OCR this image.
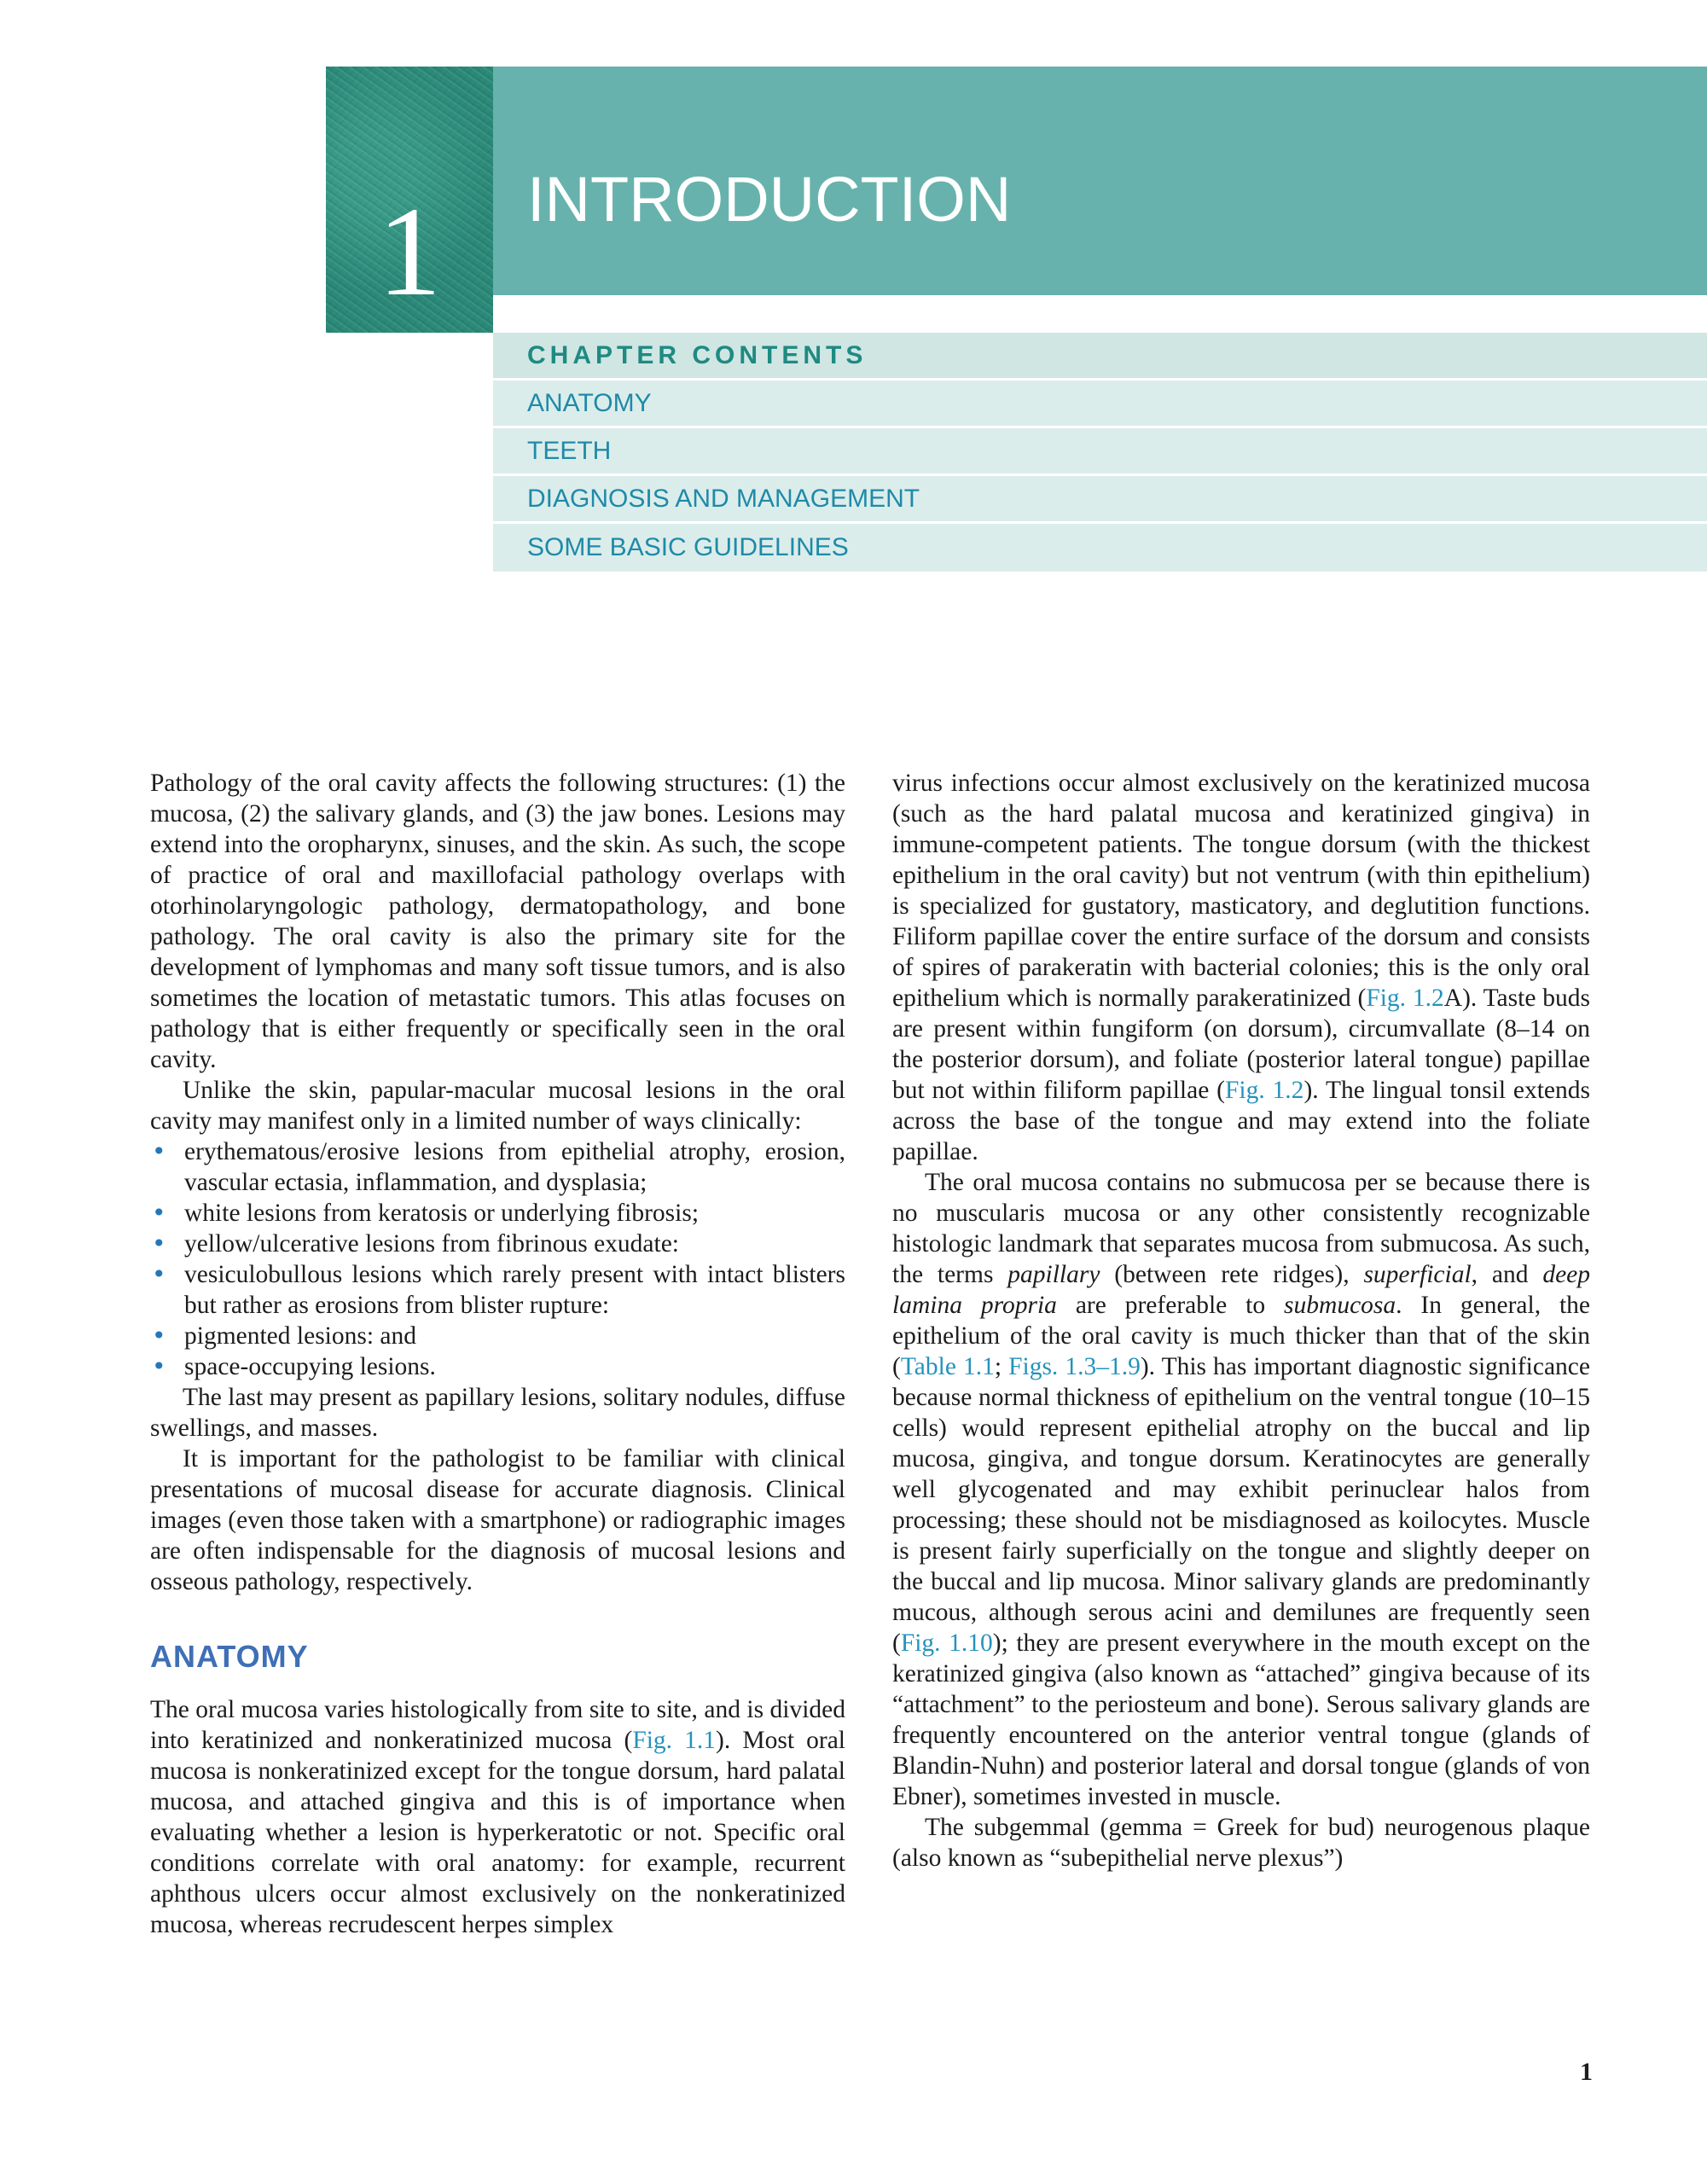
1	INTRODUCTION
CHAPTER CONTENTS
ANATOMY
TEETH
DIAGNOSIS AND MANAGEMENT
SOME BASIC GUIDELINES

Pathology of the oral cavity affects the following structures: (1) the mucosa, (2) the salivary glands, and (3) the jaw bones. Lesions may extend into the oropharynx, sinuses, and the skin. As such, the scope of practice of oral and maxillofacial pathology overlaps with otorhinolaryngologic pathology, dermatopathology, and bone pathology. The oral cavity is also the primary site for the development of lymphomas and many soft tissue tumors, and is also sometimes the location of metastatic tumors. This atlas focuses on pathology that is either frequently or specifically seen in the oral cavity.

Unlike the skin, papular-macular mucosal lesions in the oral cavity may manifest only in a limited number of ways clinically:

• erythematous/erosive lesions from epithelial atrophy, erosion, vascular ectasia, inflammation, and dysplasia;
• white lesions from keratosis or underlying fibrosis;
• yellow/ulcerative lesions from fibrinous exudate:
• vesiculobullous lesions which rarely present with intact blisters but rather as erosions from blister rupture:
• pigmented lesions: and
• space-occupying lesions.

The last may present as papillary lesions, solitary nodules, diffuse swellings, and masses.

It is important for the pathologist to be familiar with clinical presentations of mucosal disease for accurate diagnosis. Clinical images (even those taken with a smartphone) or radiographic images are often indispensable for the diagnosis of mucosal lesions and osseous pathology, respectively.

ANATOMY

The oral mucosa varies histologically from site to site, and is divided into keratinized and nonkeratinized mucosa (Fig. 1.1). Most oral mucosa is nonkeratinized except for the tongue dorsum, hard palatal mucosa, and attached gingiva and this is of importance when evaluating whether a lesion is hyperkeratotic or not. Specific oral conditions correlate with oral anatomy: for example, recurrent aphthous ulcers occur almost exclusively on the nonkeratinized mucosa, whereas recrudescent herpes simplex

virus infections occur almost exclusively on the keratinized mucosa (such as the hard palatal mucosa and keratinized gingiva) in immune-competent patients. The tongue dorsum (with the thickest epithelium in the oral cavity) but not ventrum (with thin epithelium) is specialized for gustatory, masticatory, and deglutition functions. Filiform papillae cover the entire surface of the dorsum and consists of spires of parakeratin with bacterial colonies; this is the only oral epithelium which is normally parakeratinized (Fig. 1.2A). Taste buds are present within fungiform (on dorsum), circumvallate (8–14 on the posterior dorsum), and foliate (posterior lateral tongue) papillae but not within filiform papillae (Fig. 1.2). The lingual tonsil extends across the base of the tongue and may extend into the foliate papillae.

The oral mucosa contains no submucosa per se because there is no muscularis mucosa or any other consistently recognizable histologic landmark that separates mucosa from submucosa. As such, the terms papillary (between rete ridges), superficial, and deep lamina propria are preferable to submucosa. In general, the epithelium of the oral cavity is much thicker than that of the skin (Table 1.1; Figs. 1.3–1.9). This has important diagnostic significance because normal thickness of epithelium on the ventral tongue (10–15 cells) would represent epithelial atrophy on the buccal and lip mucosa, gingiva, and tongue dorsum. Keratinocytes are generally well glycogenated and may exhibit perinuclear halos from processing; these should not be misdiagnosed as koilocytes. Muscle is present fairly superficially on the tongue and slightly deeper on the buccal and lip mucosa. Minor salivary glands are predominantly mucous, although serous acini and demilunes are frequently seen (Fig. 1.10); they are present everywhere in the mouth except on the keratinized gingiva (also known as “attached” gingiva because of its “attachment” to the periosteum and bone). Serous salivary glands are frequently encountered on the anterior ventral tongue (glands of Blandin-Nuhn) and posterior lateral and dorsal tongue (glands of von Ebner), sometimes invested in muscle.

The subgemmal (gemma = Greek for bud) neurogenous plaque (also known as “subepithelial nerve plexus”)

1
